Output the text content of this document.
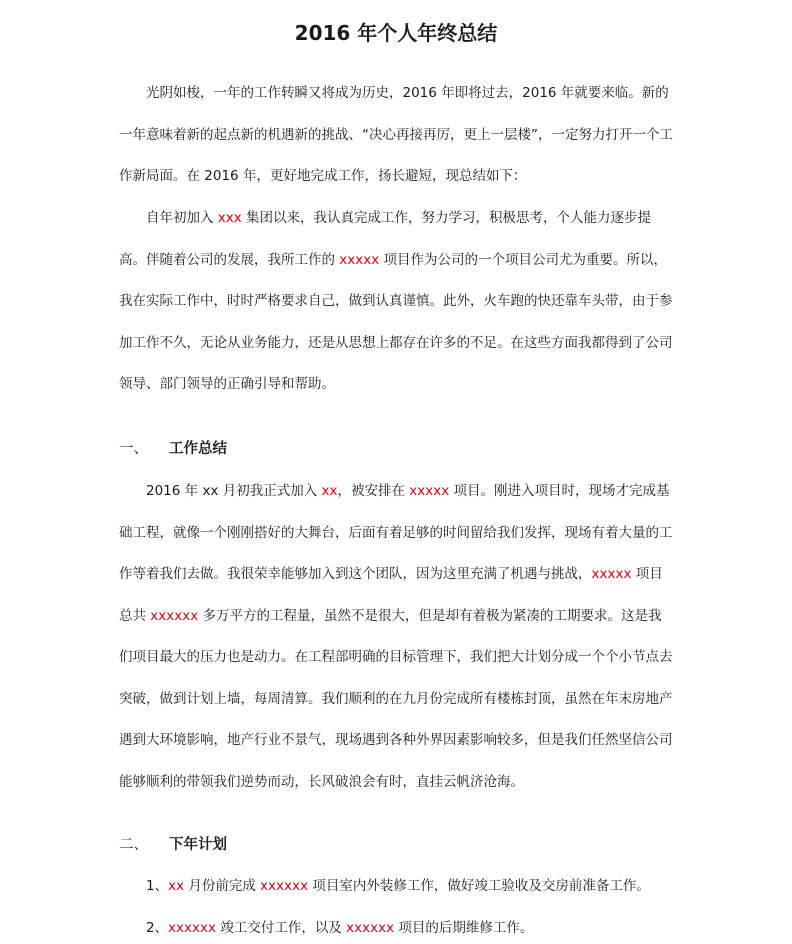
2016 年个人年终总结
光阴如梭，一年的工作转瞬又将成为历史，2016 年即将过去，2016 年就要来临。新的一年意味着新的起点新的机遇新的挑战、“决心再接再厉，更上一层楼”，一定努力打开一个工作新局面。在 2016 年，更好地完成工作，扬长避短，现总结如下：
自年初加入 xxx 集团以来，我认真完成工作，努力学习，积极思考，个人能力逐步提高。伴随着公司的发展，我所工作的 xxxxx 项目作为公司的一个项目公司尤为重要。所以，我在实际工作中，时时严格要求自己，做到认真谨慎。此外，火车跑的快还靠车头带，由于参加工作不久，无论从业务能力，还是从思想上都存在许多的不足。在这些方面我都得到了公司领导、部门领导的正确引导和帮助。
一、 工作总结
2016 年 xx 月初我正式加入 xx，被安排在 xxxxx 项目。刚进入项目时，现场才完成基础工程，就像一个刚刚搭好的大舞台，后面有着足够的时间留给我们发挥，现场有着大量的工作等着我们去做。我很荣幸能够加入到这个团队，因为这里充满了机遇与挑战，xxxxx 项目总共 xxxxxx 多万平方的工程量，虽然不是很大，但是却有着极为紧凑的工期要求。这是我们项目最大的压力也是动力。在工程部明确的目标管理下，我们把大计划分成一个个小节点去突破，做到计划上墙，每周清算。我们顺利的在九月份完成所有楼栋封顶，虽然在年末房地产遇到大环境影响，地产行业不景气，现场遇到各种外界因素影响较多，但是我们任然坚信公司能够顺利的带领我们逆势而动，长风破浪会有时，直挂云帆济沧海。
二、 下年计划
1、xx 月份前完成 xxxxxx 项目室内外装修工作，做好竣工验收及交房前准备工作。
2、xxxxxx 竣工交付工作，以及 xxxxxx 项目的后期维修工作。
